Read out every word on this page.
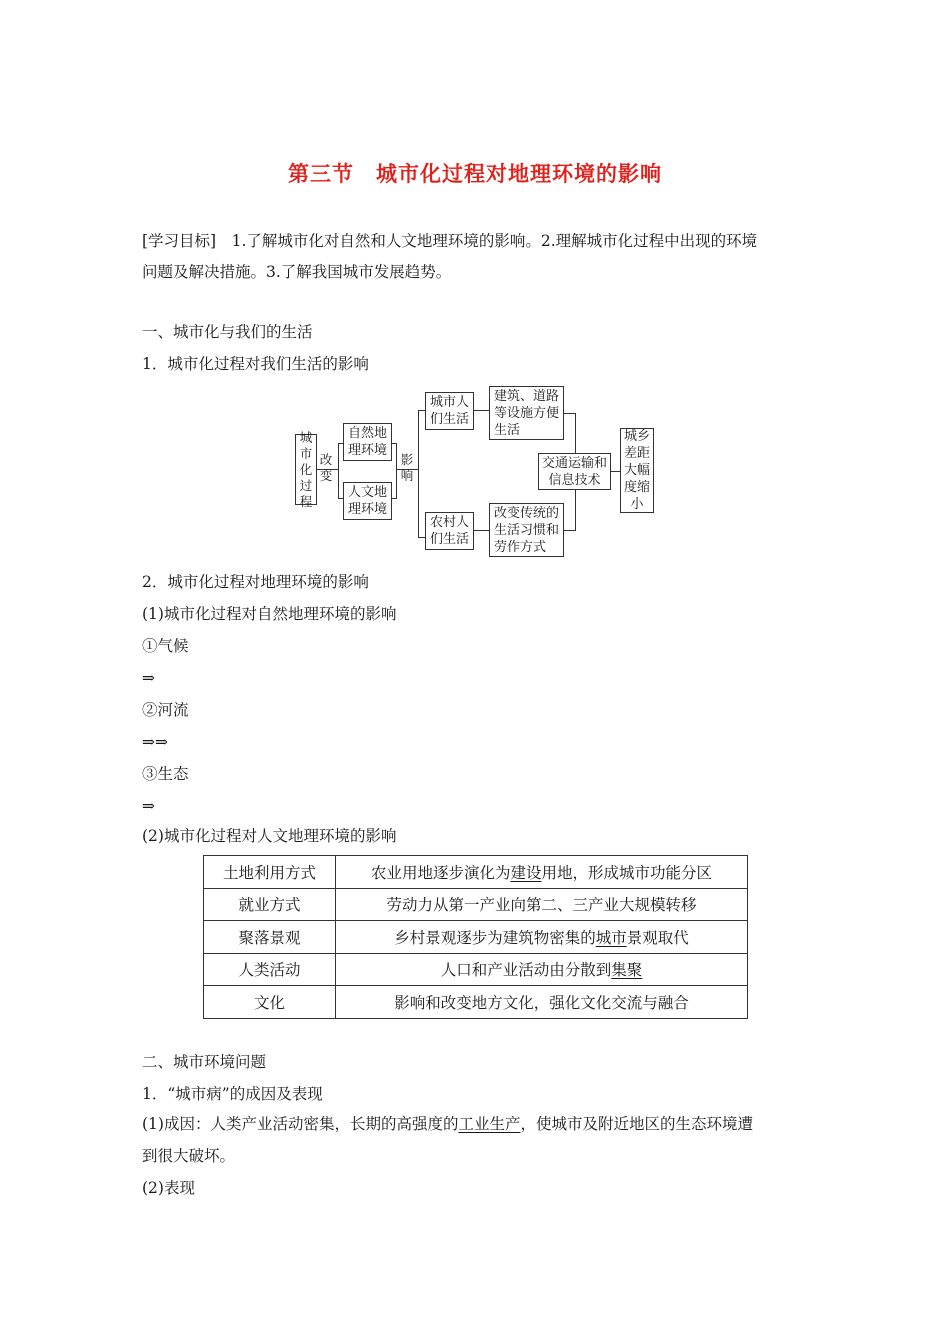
第三节　城市化过程对地理环境的影响
[学习目标]　1.了解城市化对自然和人文地理环境的影响。2.理解城市化过程中出现的环境
问题及解决措施。3.了解我国城市发展趋势。
一、城市化与我们的生活
1．城市化过程对我们生活的影响
城
市
化
过
程
改
变
自然地
理环境
人文地
理环境
影
响
城市人
们生活
农村人
们生活
建筑、道路
等设施方便
生活
改变传统的
生活习惯和
劳作方式
交通运输和
信息技术
城乡
差距
大幅
度缩
小
2．城市化过程对地理环境的影响
(1)城市化过程对自然地理环境的影响
①气候
⇒
②河流
⇒⇒
③生态
⇒
(2)城市化过程对人文地理环境的影响
土地利用方式	农业用地逐步演化为建设用地，形成城市功能分区
就业方式	劳动力从第一产业向第二、三产业大规模转移
聚落景观	乡村景观逐步为建筑物密集的城市景观取代
人类活动	人口和产业活动由分散到集聚
文化	影响和改变地方文化，强化文化交流与融合
二、城市环境问题
1．“城市病”的成因及表现
(1)成因：人类产业活动密集，长期的高强度的工业生产，使城市及附近地区的生态环境遭
到很大破坏。
(2)表现
